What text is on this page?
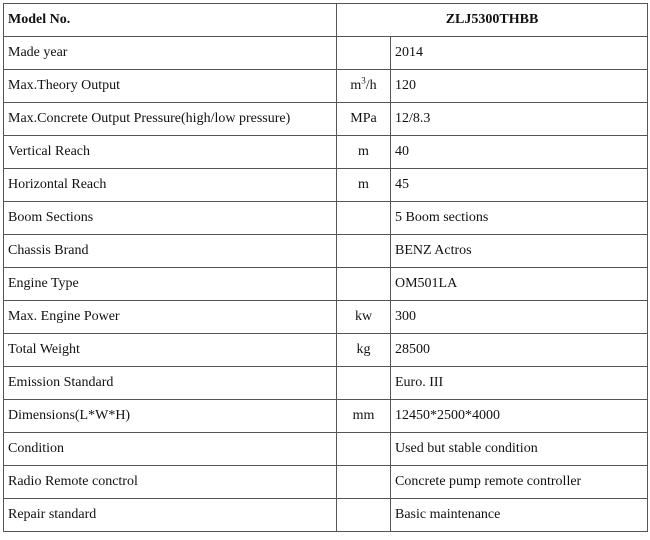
Model No.	ZLJ5300THBB	
Made year		2014
Max.Theory Output	$m^3/h$	120
Max.Concrete Output Pressure(high/low pressure)	MPa	12/8.3
Vertical Reach	m	40
Horizontal Reach	m	45
Boom Sections		5 Boom sections
Chassis Brand		BENZ Actros
Engine Type		OM501LA
Max. Engine Power	kw	300
Total Weight	kg	28500
Emission Standard		Euro. III
Dimensions(L*W*H)	mm	12450*2500*4000
Condition		Used but stable condition
Radio Remote conctrol		Concrete pump remote controller
Repair standard		Basic maintenance
